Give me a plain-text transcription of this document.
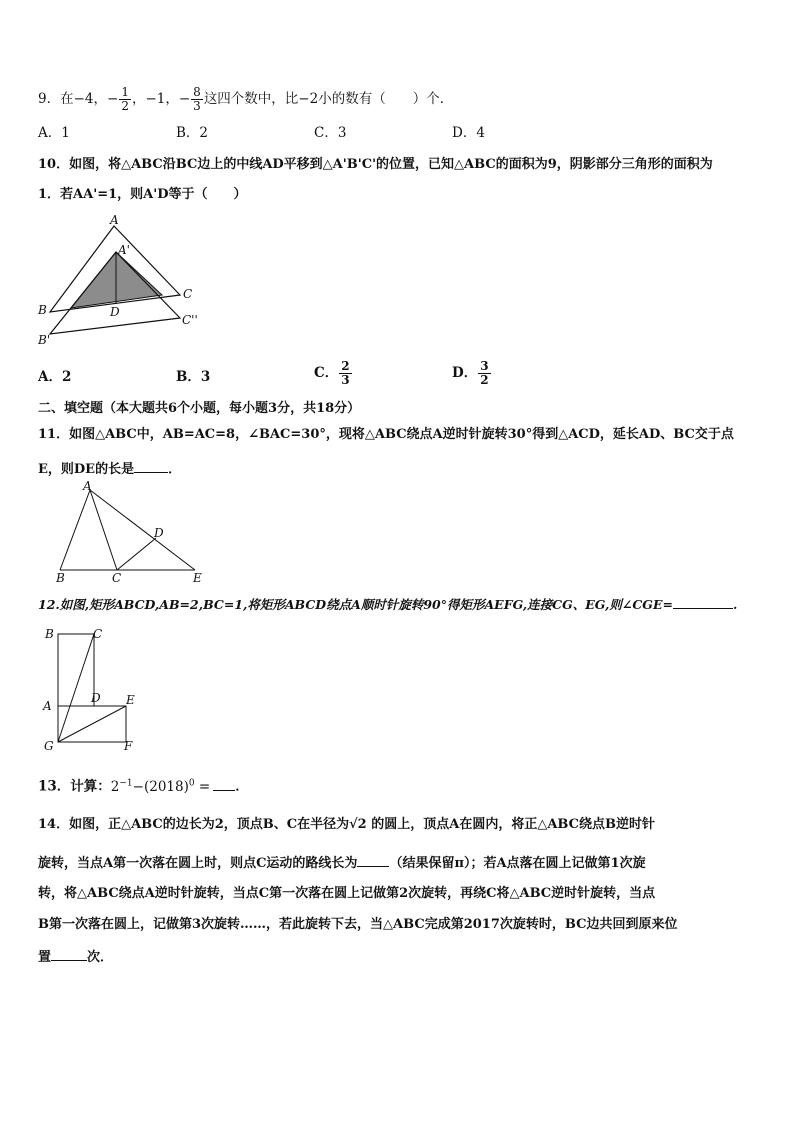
9．在−4，− $\frac{1}{2}$ ，−1，− $\frac{8}{3}$ 这四个数中，比−2小的数有（　　）个．
A．1	B．2	C．3	D．4
10．如图，将△ABC沿BC边上的中线AD平移到△A'B'C'的位置，已知△ABC的面积为9，阴影部分三角形的面积为
1．若AA'=1，则A'D等于（　　）
A
A'
B
C
D
B'
C''
A．2	B．3	C． $\frac{2}{3}$	D． $\frac{3}{2}$
二、填空题（本大题共6个小题，每小题3分，共18分）
11．如图△ABC中，AB=AC=8，∠BAC=30°，现将△ABC绕点A逆时针旋转30°得到△ACD，延长AD、BC交于点
E，则DE的长是	．
A
B	C
D
E
12.如图,矩形ABCD,AB=2,BC=1,将矩形ABCD绕点A顺时针旋转90°得矩形AEFG,连接CG、EG,则∠CGE=	.
B	C
A
D E
G	F
13．计算：$2^{-1}-(2018)^0$ = ．
14．如图，正△ABC的边长为2，顶点B、C在半径为√2 的圆上，顶点A在圆内，将正△ABC绕点B逆时针
旋转，当点A第一次落在圆上时，则点C运动的路线长为 （结果保留π）；若A点落在圆上记做第1次旋
转，将△ABC绕点A逆时针旋转，当点C第一次落在圆上记做第2次旋转，再绕C将△ABC逆时针旋转，当点
B第一次落在圆上，记做第3次旋转……，若此旋转下去，当△ABC完成第2017次旋转时，BC边共回到原来位
置	次．
